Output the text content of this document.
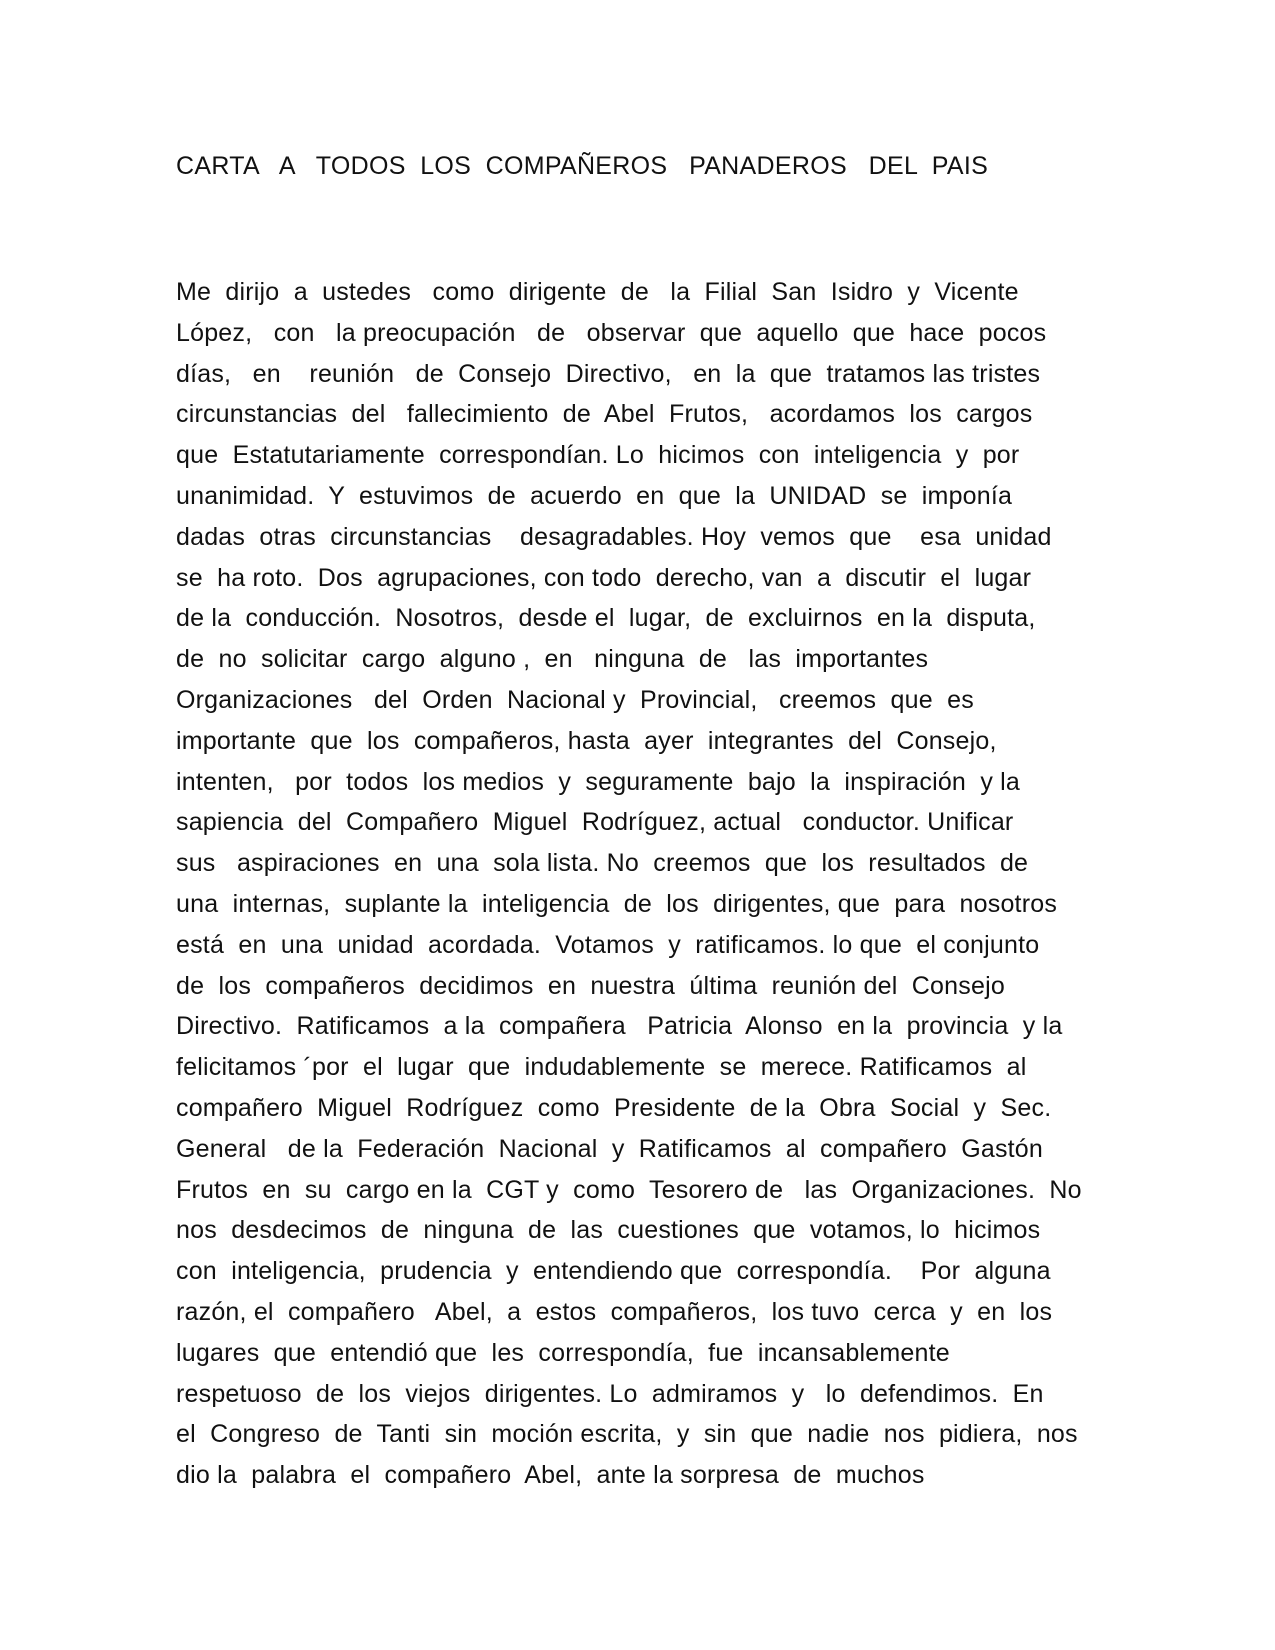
CARTA   A   TODOS  LOS  COMPAÑEROS   PANADEROS   DEL  PAIS
Me  dirijo  a  ustedes   como  dirigente  de   la  Filial  San  Isidro  y  Vicente
López,   con   la preocupación   de   observar  que  aquello  que  hace  pocos
días,   en    reunión   de  Consejo  Directivo,   en  la  que  tratamos las tristes
circunstancias  del   fallecimiento  de  Abel  Frutos,   acordamos  los  cargos
que  Estatutariamente  correspondían. Lo  hicimos  con  inteligencia  y  por
unanimidad.  Y  estuvimos  de  acuerdo  en  que  la  UNIDAD  se  imponía
dadas  otras  circunstancias    desagradables. Hoy  vemos  que    esa  unidad
se  ha roto.  Dos  agrupaciones, con todo  derecho, van  a  discutir  el  lugar
de la  conducción.  Nosotros,  desde el  lugar,  de  excluirnos  en la  disputa,
de  no  solicitar  cargo  alguno ,  en   ninguna  de   las  importantes
Organizaciones   del  Orden  Nacional y  Provincial,   creemos  que  es
importante  que  los  compañeros, hasta  ayer  integrantes  del  Consejo,
intenten,   por  todos  los medios  y  seguramente  bajo  la  inspiración  y la
sapiencia  del  Compañero  Miguel  Rodríguez, actual   conductor. Unificar
sus   aspiraciones  en  una  sola lista. No  creemos  que  los  resultados  de
una  internas,  suplante la  inteligencia  de  los  dirigentes, que  para  nosotros
está  en  una  unidad  acordada.  Votamos  y  ratificamos. lo que  el conjunto
de  los  compañeros  decidimos  en  nuestra  última  reunión del  Consejo
Directivo.  Ratificamos  a la  compañera   Patricia  Alonso  en la  provincia  y la
felicitamos ´por  el  lugar  que  indudablemente  se  merece. Ratificamos  al
compañero  Miguel  Rodríguez  como  Presidente  de la  Obra  Social  y  Sec.
General   de la  Federación  Nacional  y  Ratificamos  al  compañero  Gastón
Frutos  en  su  cargo en la  CGT y  como  Tesorero de   las  Organizaciones.  No
nos  desdecimos  de  ninguna  de  las  cuestiones  que  votamos, lo  hicimos
con  inteligencia,  prudencia  y  entendiendo que  correspondía.    Por  alguna
razón, el  compañero   Abel,  a  estos  compañeros,  los tuvo  cerca  y  en  los
lugares  que  entendió que  les  correspondía,  fue  incansablemente
respetuoso  de  los  viejos  dirigentes. Lo  admiramos  y   lo  defendimos.  En
el  Congreso  de  Tanti  sin  moción escrita,  y  sin  que  nadie  nos  pidiera,  nos
dio la  palabra  el  compañero  Abel,  ante la sorpresa  de  muchos
